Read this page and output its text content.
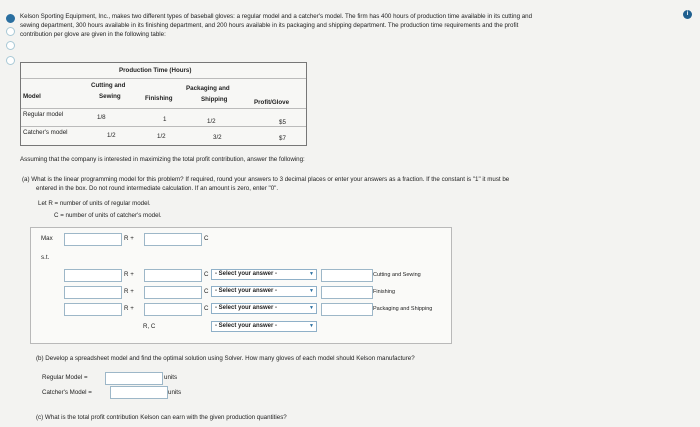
i
Kelson Sporting Equipment, Inc., makes two different types of baseball gloves: a regular model and a catcher's model. The firm has 400 hours of production time available in its cutting and
sewing department, 300 hours available in its finishing department, and 200 hours available in its packaging and shipping department. The production time requirements and the profit
contribution per glove are given in the following table:
Production Time (Hours)
Cutting and	Packaging and
Model	Sewing	Finishing	Shipping	Profit/Glove
Regular model	1/8	1	1/2	$5
Catcher's model	1/2	1/2	3/2	$7
Assuming that the company is interested in maximizing the total profit contribution, answer the following:
(a) What is the linear programming model for this problem? If required, round your answers to 3 decimal places or enter your answers as a fraction. If the constant is "1" it must be
entered in the box. Do not round intermediate calculation. If an amount is zero, enter "0".
Let R = number of units of regular model.
C = number of units of catcher's model.
Max	R +	C
s.t.
R +	C	- Select your answer -	▼	Cutting and Sewing
R +	C	- Select your answer -	▼	Finishing
R +	C	- Select your answer -	▼	Packaging and Shipping
R, C	- Select your answer -	▼
(b) Develop a spreadsheet model and find the optimal solution using Solver. How many gloves of each model should Kelson manufacture?
Regular Model =	units
Catcher's Model =	units
(c) What is the total profit contribution Kelson can earn with the given production quantities?
